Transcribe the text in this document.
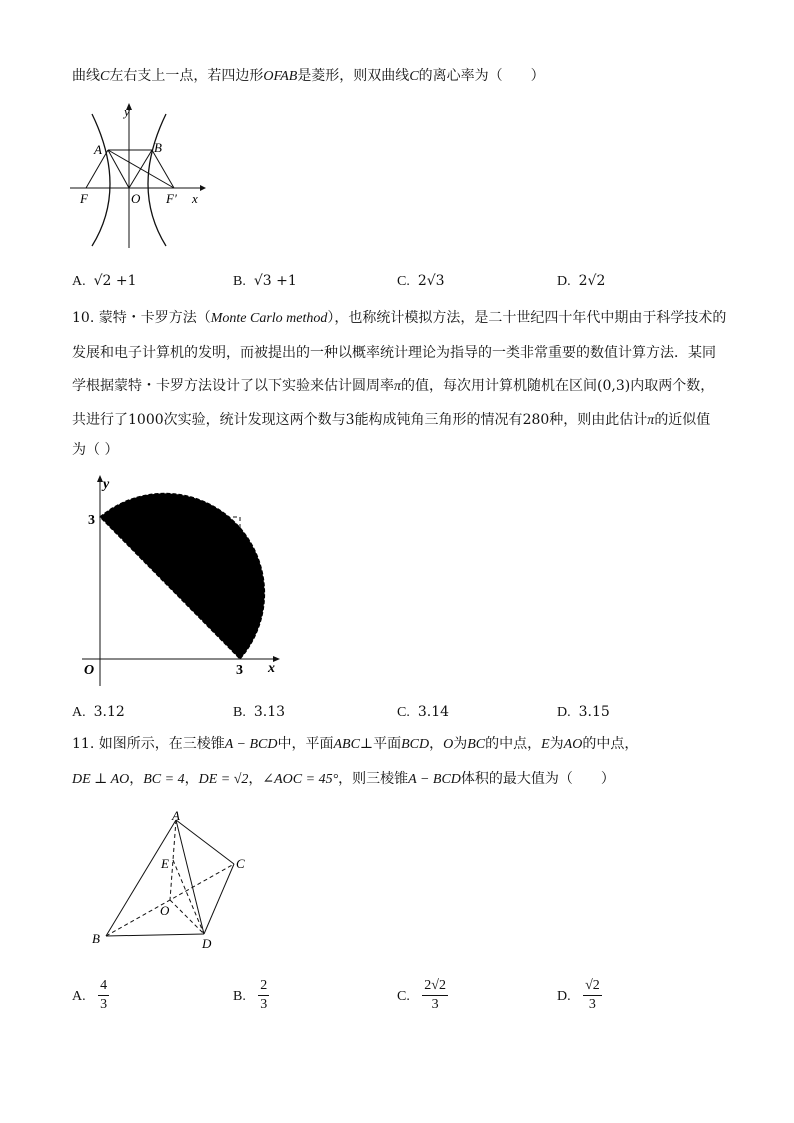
曲线C左右支上一点，若四边形OFAB是菱形，则双曲线C的离心率为（　　）
y
A	B
F	O F′ x
A. √2 +1	B. √3 +1	C. 2√3	D. 2√2
10. 蒙特・卡罗方法（Monte Carlo method），也称统计模拟方法，是二十世纪四十年代中期由于科学技术的
发展和电子计算机的发明，而被提出的一种以概率统计理论为指导的一类非常重要的数值计算方法．某同
学根据蒙特・卡罗方法设计了以下实验来估计圆周率π的值，每次用计算机随机在区间(0,3)内取两个数，
共进行了1000次实验，统计发现这两个数与3能构成钝角三角形的情况有280种，则由此估计π的近似值
为（ ）
3
3
O	x
y
A. 3.12	B. 3.13	C. 3.14	D. 3.15
11. 如图所示，在三棱锥A − BCD中，平面ABC⊥平面BCD，O为BC的中点，E为AO的中点，
DE ⊥ AO，BC = 4，DE = √2，∠AOC = 45°，则三棱锥A − BCD体积的最大值为（　　）
A
E	C
O
B	D
A. $\frac{4}{3}$	B. $\frac{2}{3}$	C. $\frac{2√2}{3}$	D. $\frac{√2}{3}$
